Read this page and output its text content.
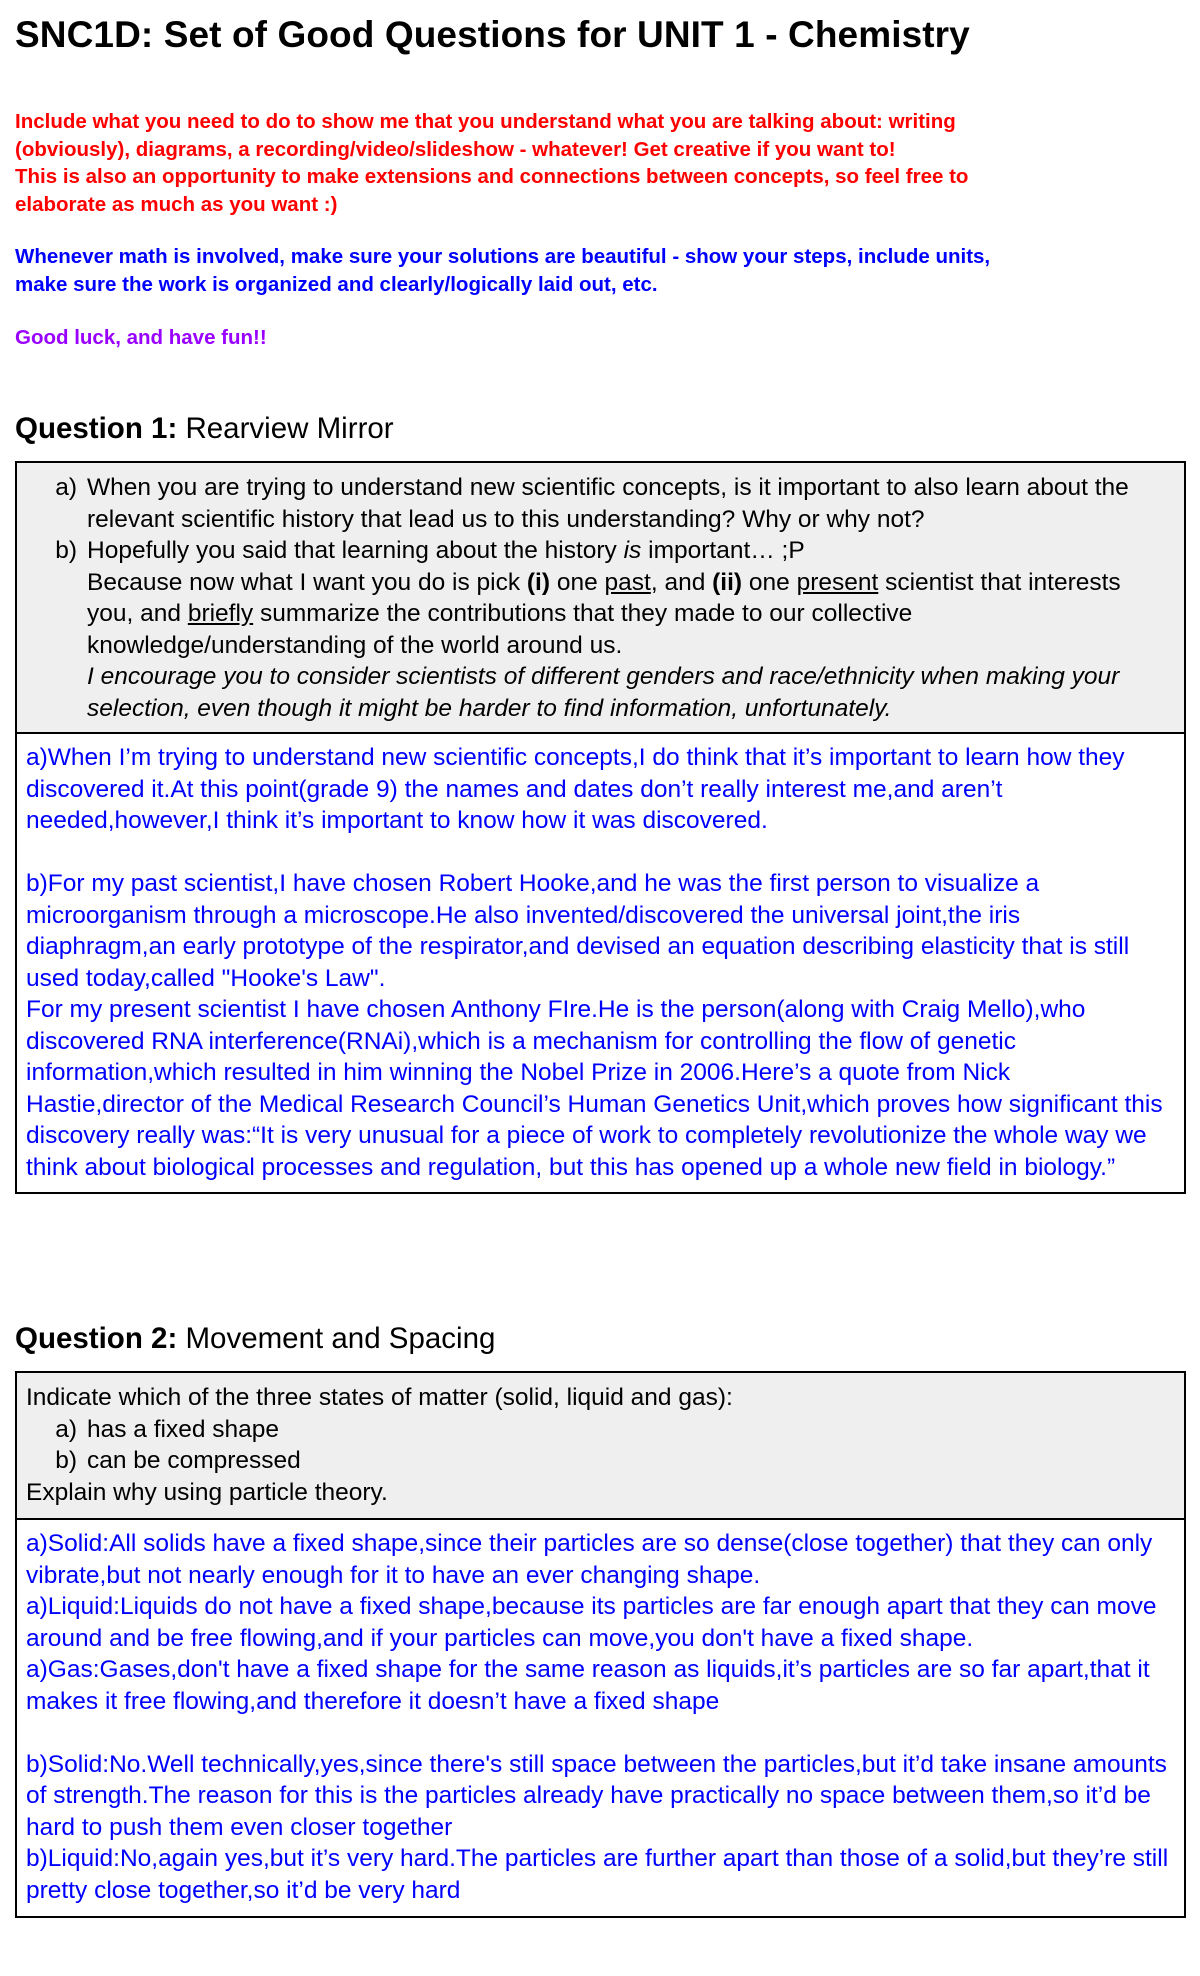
SNC1D: Set of Good Questions for UNIT 1 - Chemistry
Include what you need to do to show me that you understand what you are talking about: writing
(obviously), diagrams, a recording/video/slideshow - whatever! Get creative if you want to!
This is also an opportunity to make extensions and connections between concepts, so feel free to
elaborate as much as you want :)
Whenever math is involved, make sure your solutions are beautiful - show your steps, include units,
make sure the work is organized and clearly/logically laid out, etc.
Good luck, and have fun!!
Question 1: Rearview Mirror
a) When you are trying to understand new scientific concepts, is it important to also learn about the relevant scientific history that lead us to this understanding? Why or why not?
b) Hopefully you said that learning about the history is important… ;P
Because now what I want you do is pick (i) one past, and (ii) one present scientist that interests you, and briefly summarize the contributions that they made to our collective knowledge/understanding of the world around us.
I encourage you to consider scientists of different genders and race/ethnicity when making your selection, even though it might be harder to find information, unfortunately.
a)When I’m trying to understand new scientific concepts,I do think that it’s important to learn how they discovered it.At this point(grade 9) the names and dates don’t really interest me,and aren’t needed,however,I think it’s important to know how it was discovered.
b)For my past scientist,I have chosen Robert Hooke,and he was the first person to visualize a microorganism through a microscope.He also invented/discovered the universal joint,the iris diaphragm,an early prototype of the respirator,and devised an equation describing elasticity that is still used today,called "Hooke's Law".
For my present scientist I have chosen Anthony FIre.He is the person(along with Craig Mello),who discovered RNA interference(RNAi),which is a mechanism for controlling the flow of genetic information,which resulted in him winning the Nobel Prize in 2006.Here’s a quote from Nick Hastie,director of the Medical Research Council’s Human Genetics Unit,which proves how significant this discovery really was:“It is very unusual for a piece of work to completely revolutionize the whole way we think about biological processes and regulation, but this has opened up a whole new field in biology.”
Question 2: Movement and Spacing
Indicate which of the three states of matter (solid, liquid and gas):
a) has a fixed shape
b) can be compressed
Explain why using particle theory.
a)Solid:All solids have a fixed shape,since their particles are so dense(close together) that they can only vibrate,but not nearly enough for it to have an ever changing shape.
a)Liquid:Liquids do not have a fixed shape,because its particles are far enough apart that they can move around and be free flowing,and if your particles can move,you don't have a fixed shape.
a)Gas:Gases,don't have a fixed shape for the same reason as liquids,it’s particles are so far apart,that it makes it free flowing,and therefore it doesn’t have a fixed shape
b)Solid:No.Well technically,yes,since there's still space between the particles,but it’d take insane amounts of strength.The reason for this is the particles already have practically no space between them,so it’d be hard to push them even closer together
b)Liquid:No,again yes,but it’s very hard.The particles are further apart than those of a solid,but they’re still pretty close together,so it’d be very hard
